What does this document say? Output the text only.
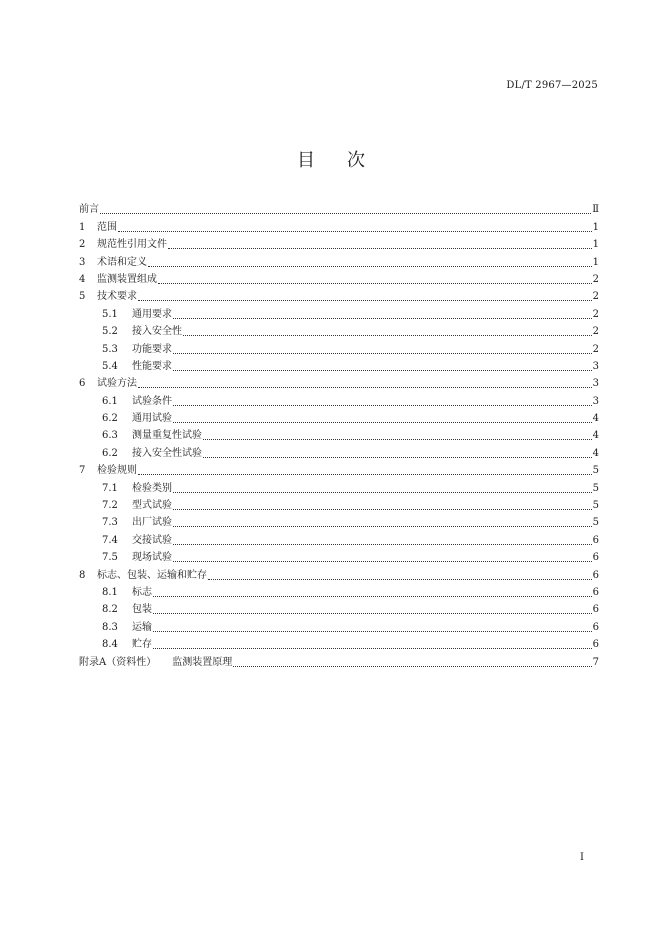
DL/T 2967—2025
目次
前言	Ⅱ
1	范围	1
2	规范性引用文件	1
3	术语和定义	1
4	监测装置组成	2
5	技术要求	2
5.1	通用要求	2
5.2	接入安全性	2
5.3	功能要求	2
5.4	性能要求	3
6	试验方法	3
6.1	试验条件	3
6.2	通用试验	4
6.3	测量重复性试验	4
6.2	接入安全性试验	4
7	检验规则	5
7.1	检验类别	5
7.2	型式试验	5
7.3	出厂试验	5
7.4	交接试验	6
7.5	现场试验	6
8	标志、包装、运输和贮存	6
8.1	标志	6
8.2	包装	6
8.3	运输	6
8.4	贮存	6
附录A（资料性）	监测装置原理	7
I
